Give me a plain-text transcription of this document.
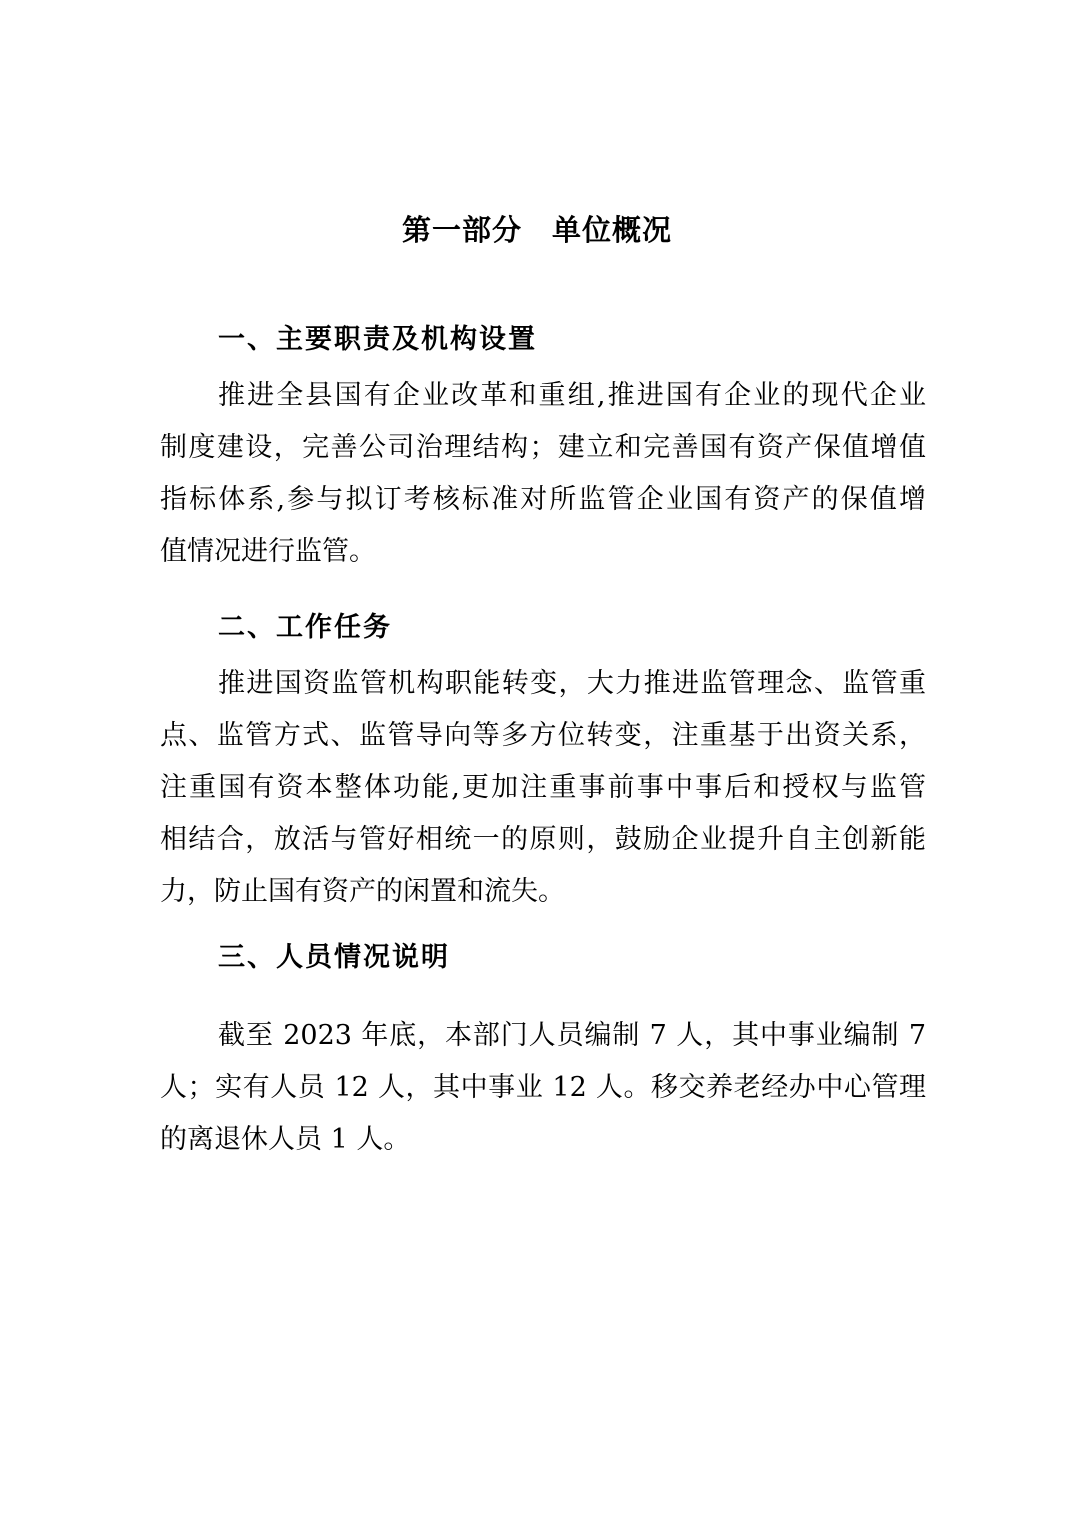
第一部分　单位概况
一、主要职责及机构设置
推进全县国有企业改革和重组,推进国有企业的现代企业
制度建设，完善公司治理结构；建立和完善国有资产保值增值
指标体系,参与拟订考核标准对所监管企业国有资产的保值增
值情况进行监管。
二、工作任务
推进国资监管机构职能转变，大力推进监管理念、监管重
点、监管方式、监管导向等多方位转变，注重基于出资关系，
注重国有资本整体功能,更加注重事前事中事后和授权与监管
相结合，放活与管好相统一的原则，鼓励企业提升自主创新能
力，防止国有资产的闲置和流失。
三、人员情况说明
截至 2023 年底，本部门人员编制 7 人，其中事业编制 7
人；实有人员 12 人，其中事业 12 人。移交养老经办中心管理
的离退休人员 1 人。
